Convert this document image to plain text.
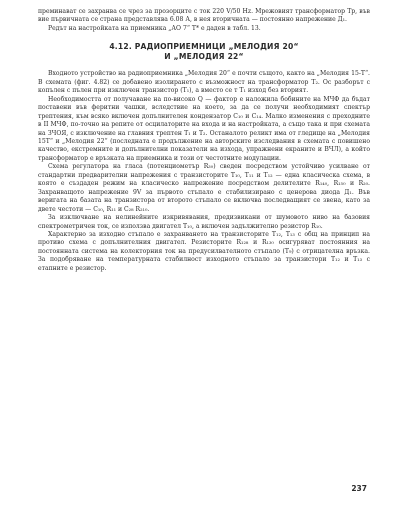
преминават се захранва се чрез за прозорците с ток 220 V/50 Hz. Мрежовият трансформатор Тр, във вие първичната се страна представлява 6.08 А, в нея вторичната — постоянно напрежение Д₁.

Редът на настройката на приемника „АО 7“ Т* е даден в табл. 13.

4.12. РАДИОПРИЕМНИЦИ „МЕЛОДИЯ 20“
И „МЕЛОДИЯ 22“

Входното устройство на радиоприемника „Мелодия 20“ е почти същото, както на „Мелодия 15-Т“. В схемата (фиг. 4.82) се добавено изолирането с възможност на трансформатор Т₂. Ос разборът с копълен с пълен при изключен транзистор (Т₁), а вместо се т Т₁ изход без вторият.

Необходимостта от получаване на по-високо Q — фактор е наложила бобините на МЧФ да бъдат поставени във феритни чашки, вследствие на което, за да се получи необходимият спектър трептения, към всяко включен допълнителен кондензатор С₁₀ и С₁₄. Малко изменения с преходните в II МЧФ, по-точно на репите от осцилаторите на входа и на настройката, а също така и при схемата на ЗЧОЯ, с изключение на главния трептен Т₁ и Т₂. Останалото реликт има от гледище на „Мелодия 15Т“ и „Мелодия 22“ (последната е продължение на авторските изследвания в схемата с повишено качество, екстремните и допълнителни показатели на изхода, упражнени екраните и ВЧЛ), а който трансформатор е връзката на приемника и този от честотните модулации.

Схема регулатора на гласа (потенциометър R₃₀) сведен посредством устойчиво усилване от стандартни предварителни напрежения с транзисторите Т₁₀, Т₁₁ и Т₁₂ — една класическа схема, в която е създаден режим на класическо напрежение посредством делителите R₁₄₀, R₁₅₀ и R₂₀. Захранващото напрежение 9V за първото стъпало е стабилизирано с ценерова диода Д₁. Във веригата на базата на транзистора от второто стъпало се включва последващият се звена, като за двете честоти — C₁₀, R₁₁ и C₂₈ R₂₁₀.

За изключване на нелинейните изкривявания, предизвикани от шумовото ниво на базовия спектрометричен ток, се използва двигател Т₁₀, а включен задължително резистор R₁₀.

Характерно за изходно стъпало е захранването на транзисторите Т₁₂, Т₁₃ с общ на принцип на противо схема с допълнителния двигател. Резисторите R₁₂₈ и R₁₃₀ осигуряват постоянния на постоянната система на колекторния ток на предусилвателното стъпало (Т₉) с отрицателна връзка. За подобряване на температурната стабилност изходното стъпало за транзистори Т₁₂ и Т₁₃ с етапните е резистор.

237
